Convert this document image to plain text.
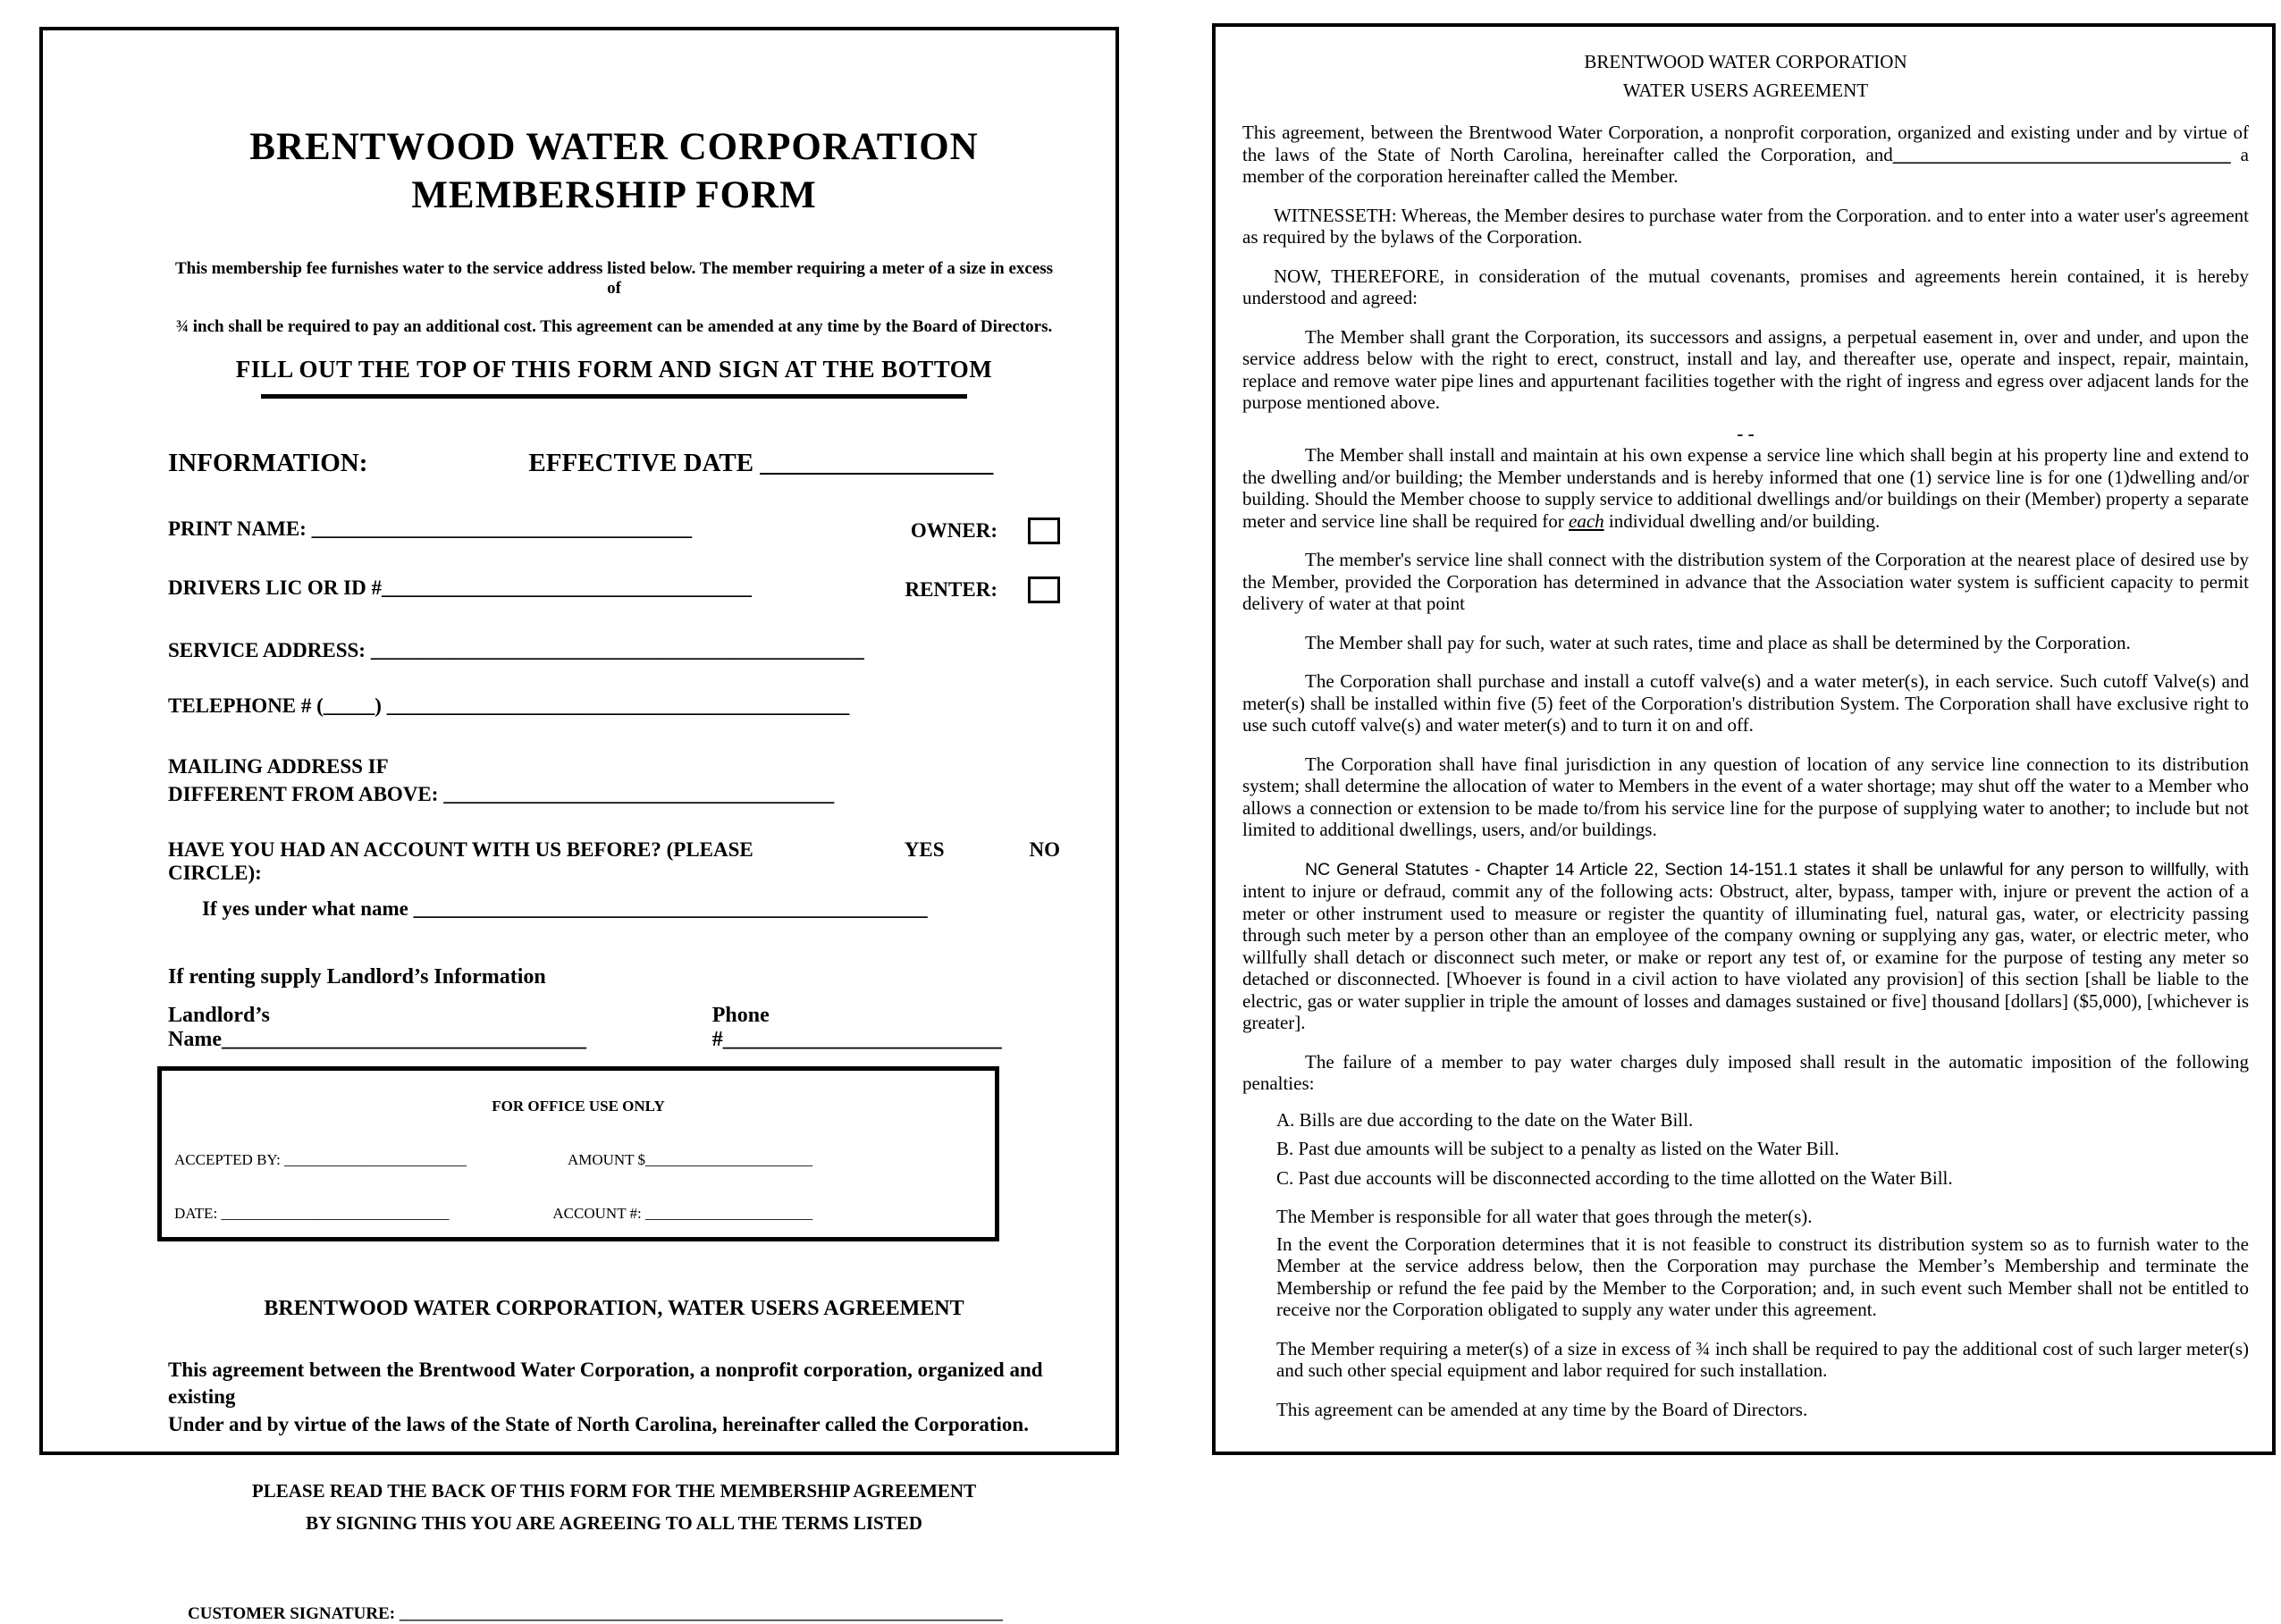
BRENTWOOD WATER CORPORATION
MEMBERSHIP FORM
This membership fee furnishes water to the service address listed below. The member requiring a meter of a size in excess of
¾ inch shall be required to pay an additional cost. This agreement can be amended at any time by the Board of Directors.
FILL OUT THE TOP OF THIS FORM AND SIGN AT THE BOTTOM
INFORMATION:	EFFECTIVE DATE __________________
PRINT NAME: _____________________________________	OWNER:
DRIVERS LIC OR ID #____________________________________	RENTER:
SERVICE ADDRESS: ________________________________________________
TELEPHONE # (_____) _____________________________________________
MAILING ADDRESS IF
DIFFERENT FROM ABOVE: ______________________________________
HAVE YOU HAD AN ACCOUNT WITH US BEFORE? (PLEASE CIRCLE):
YES	NO
If yes under what name __________________________________________________
If renting supply Landlord’s Information
Landlord’s Name__________________________________
Phone #__________________________
FOR OFFICE USE ONLY
ACCEPTED BY: ________________________	AMOUNT $______________________
DATE: ______________________________	ACCOUNT #: ______________________
BRENTWOOD WATER CORPORATION, WATER USERS AGREEMENT
This agreement between the Brentwood Water Corporation, a nonprofit corporation, organized and existing
Under and by virtue of the laws of the State of North Carolina, hereinafter called the Corporation.
PLEASE READ THE BACK OF THIS FORM FOR THE MEMBERSHIP AGREEMENT
BY SIGNING THIS YOU ARE AGREEING TO ALL THE TERMS LISTED
CUSTOMER SIGNATURE: ___________________________________________________________________________
BRENTWOOD WATER CORPORATION
WATER USERS AGREEMENT

This agreement, between the Brentwood Water Corporation, a nonprofit corporation, organized and existing under and by virtue of the laws of the State of North Carolina, hereinafter called the Corporation, and____________________________________ a member of the corporation hereinafter called the Member.

WITNESSETH: Whereas, the Member desires to purchase water from the Corporation. and to enter into a water user's agreement as required by the bylaws of the Corporation.

NOW, THEREFORE, in consideration of the mutual covenants, promises and agreements herein contained, it is hereby understood and agreed:

The Member shall grant the Corporation, its successors and assigns, a perpetual easement in, over and under, and upon the service address below with the right to erect, construct, install and lay, and thereafter use, operate and inspect, repair, maintain, replace and remove water pipe lines and appurtenant facilities together with the right of ingress and egress over adjacent lands for the purpose mentioned above.

- -

The Member shall install and maintain at his own expense a service line which shall begin at his property line and extend to the dwelling and/or building; the Member understands and is hereby informed that one (1) service line is for one (1)dwelling and/or building. Should the Member choose to supply service to additional dwellings and/or buildings on their (Member) property a separate meter and service line shall be required for each individual dwelling and/or building.

The member's service line shall connect with the distribution system of the Corporation at the nearest place of desired use by the Member, provided the Corporation has determined in advance that the Association water system is sufficient capacity to permit delivery of water at that point

The Member shall pay for such, water at such rates, time and place as shall be determined by the Corporation.

The Corporation shall purchase and install a cutoff valve(s) and a water meter(s), in each service. Such cutoff Valve(s) and meter(s) shall be installed within five (5) feet of the Corporation's distribution System. The Corporation shall have exclusive right to use such cutoff valve(s) and water meter(s) and to turn it on and off.

The Corporation shall have final jurisdiction in any question of location of any service line connection to its distribution system; shall determine the allocation of water to Members in the event of a water shortage; may shut off the water to a Member who allows a connection or extension to be made to/from his service line for the purpose of supplying water to another; to include but not limited to additional dwellings, users, and/or buildings.

NC General Statutes - Chapter 14 Article 22, Section 14-151.1 states it shall be unlawful for any person to willfully, with intent to injure or defraud, commit any of the following acts: Obstruct, alter, bypass, tamper with, injure or prevent the action of a meter or other instrument used to measure or register the quantity of illuminating fuel, natural gas, water, or electricity passing through such meter by a person other than an employee of the company owning or supplying any gas, water, or electric meter, who willfully shall detach or disconnect such meter, or make or report any test of, or examine for the purpose of testing any meter so detached or disconnected. [Whoever is found in a civil action to have violated any provision] of this section [shall be liable to the electric, gas or water supplier in triple the amount of losses and damages sustained or five] thousand [dollars] ($5,000), [whichever is greater].

The failure of a member to pay water charges duly imposed shall result in the automatic imposition of the following penalties:

A. Bills are due according to the date on the Water Bill.
B. Past due amounts will be subject to a penalty as listed on the Water Bill.
C. Past due accounts will be disconnected according to the time allotted on the Water Bill.

The Member is responsible for all water that goes through the meter(s).

In the event the Corporation determines that it is not feasible to construct its distribution system so as to furnish water to the Member at the service address below, then the Corporation may purchase the Member’s Membership and terminate the Membership or refund the fee paid by the Member to the Corporation; and, in such event such Member shall not be entitled to receive nor the Corporation obligated to supply any water under this agreement.

The Member requiring a meter(s) of a size in excess of ¾ inch shall be required to pay the additional cost of such larger meter(s) and such other special equipment and labor required for such installation.

This agreement can be amended at any time by the Board of Directors.
